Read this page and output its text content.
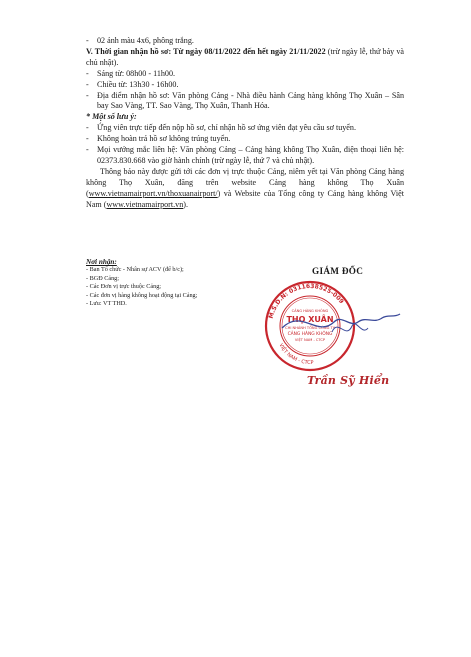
-	02 ảnh màu 4x6, phông trắng.

V. Thời gian nhận hồ sơ: Từ ngày 08/11/2022 đến hết ngày 21/11/2022 (trừ ngày lễ, thứ bảy và chủ nhật).

-	Sáng từ: 08h00 - 11h00.

-	Chiều từ: 13h30 - 16h00.

-	Địa điểm nhận hồ sơ: Văn phòng Cảng - Nhà điều hành Cảng hàng không Thọ Xuân – Sân bay Sao Vàng, TT. Sao Vàng, Thọ Xuân, Thanh Hóa.

* Một số lưu ý:

-	Ứng viên trực tiếp đến nộp hồ sơ, chỉ nhận hồ sơ ứng viên đạt yêu cầu sơ tuyển.

-	Không hoàn trả hồ sơ không trúng tuyển.

-	Mọi vướng mắc liên hệ: Văn phòng Cảng – Cảng hàng không Thọ Xuân, điện thoại liên hệ: 02373.830.668 vào giờ hành chính (trừ ngày lễ, thứ 7 và chủ nhật).

Thông báo này được gửi tới các đơn vị trực thuộc Cảng, niêm yết tại Văn phòng Cảng hàng không Thọ Xuân, đăng trên website Cảng hàng không Thọ Xuân (www.vietnamairport.vn/thoxuanairport/) và Website của Tổng công ty Cảng hàng không Việt Nam (www.vietnamairport.vn).

Nơi nhận:
- Ban Tổ chức - Nhân sự ACV (để b/c);
- BGĐ Cảng;
- Các Đơn vị trực thuộc Cảng;
- Các đơn vị hàng không hoạt động tại Cảng;
- Lưu: VT THD.
GIÁM ĐỐC
M.S.D.N: 0311638525-009
VIỆT NAM - CTCP
CẢNG HÀNG KHÔNG
THỌ XUÂN
CHI NHÁNH TỔNG CÔNG TY
CẢNG HÀNG KHÔNG
VIỆT NAM - CTCP
Trần Sỹ Hiển
